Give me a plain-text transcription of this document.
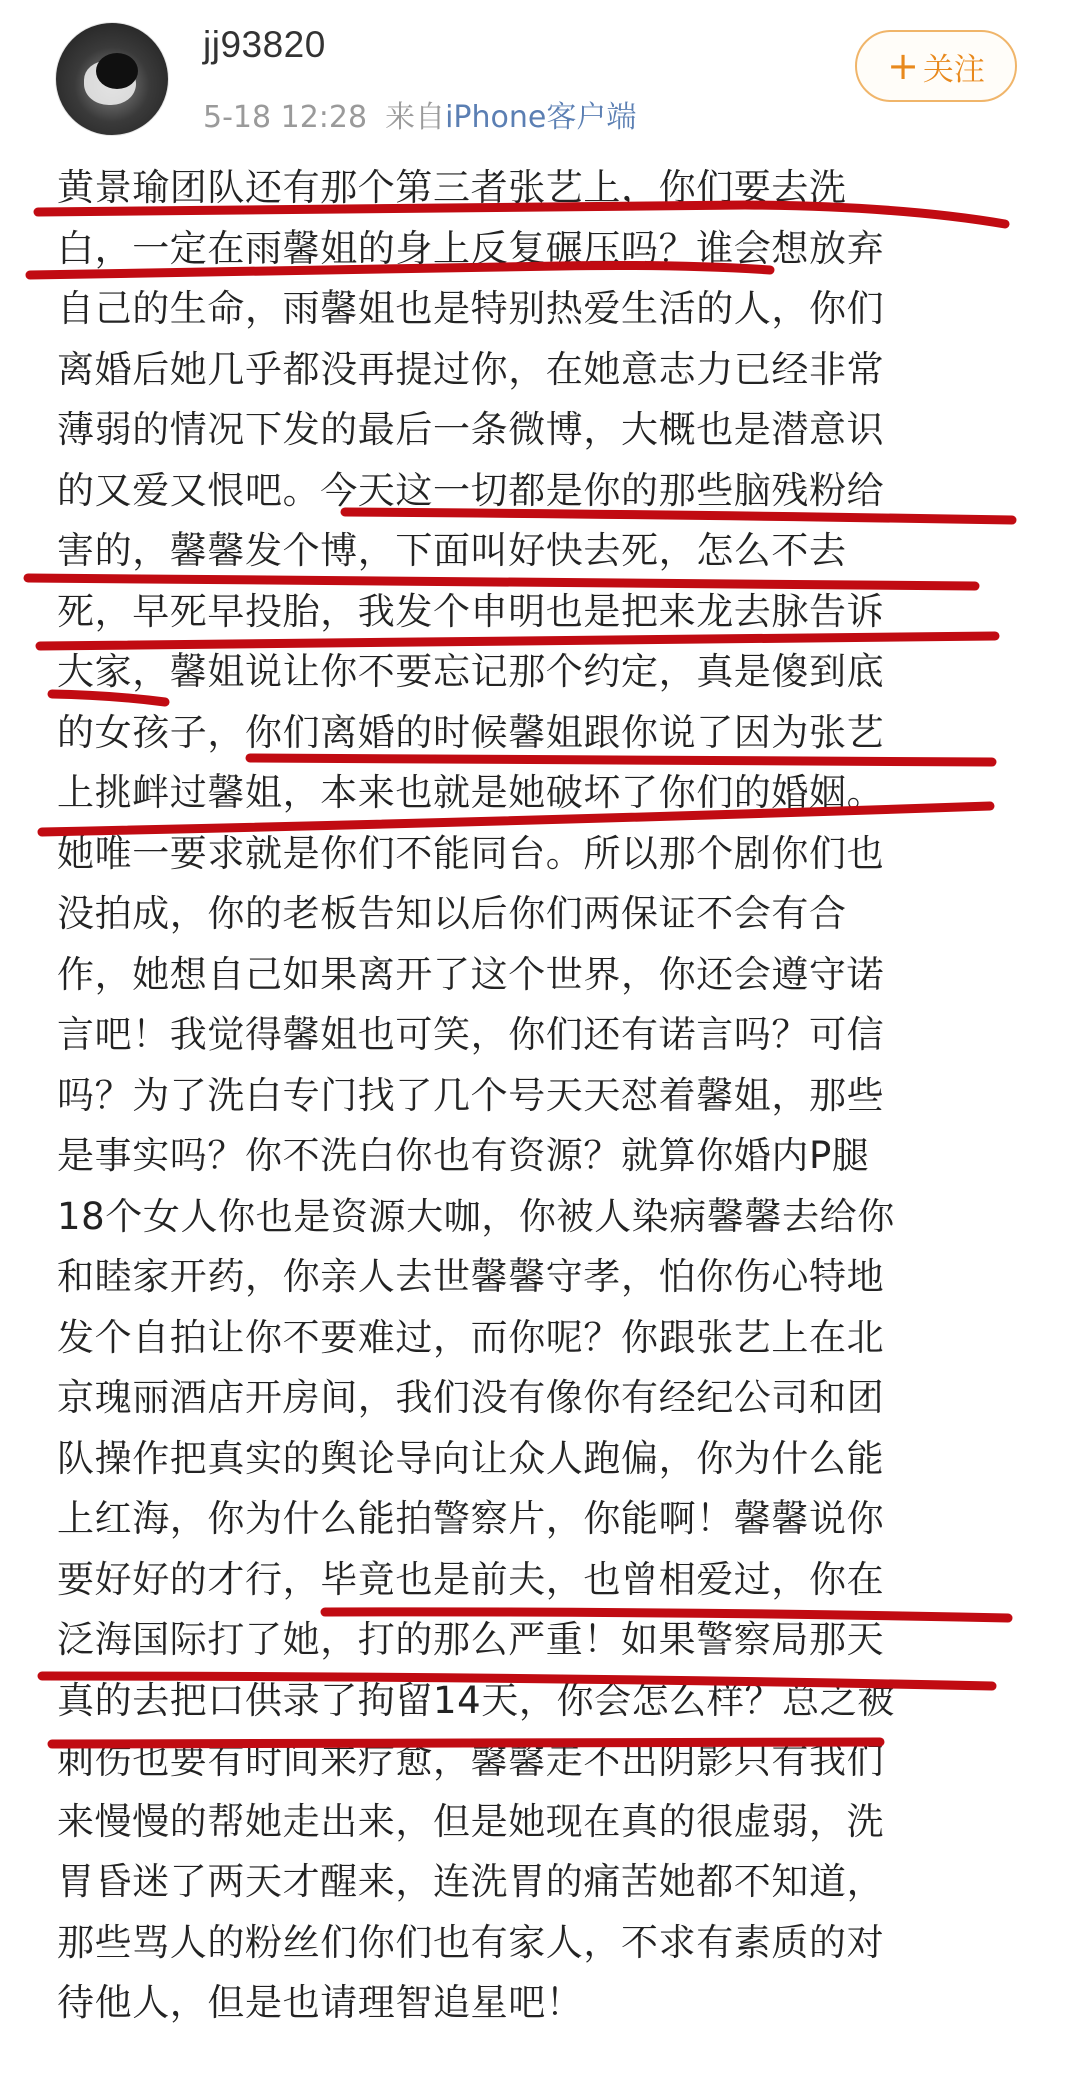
jj93820
5-18 12:28 来自iPhone客户端
+ 关注
黄景瑜团队还有那个第三者张艺上，你们要去洗
白，一定在雨馨姐的身上反复碾压吗？谁会想放弃
自己的生命，雨馨姐也是特别热爱生活的人，你们
离婚后她几乎都没再提过你，在她意志力已经非常
薄弱的情况下发的最后一条微博，大概也是潜意识
的又爱又恨吧。今天这一切都是你的那些脑残粉给
害的，馨馨发个博，下面叫好快去死，怎么不去
死，早死早投胎，我发个申明也是把来龙去脉告诉
大家，馨姐说让你不要忘记那个约定，真是傻到底
的女孩子，你们离婚的时候馨姐跟你说了因为张艺
上挑衅过馨姐，本来也就是她破坏了你们的婚姻。
她唯一要求就是你们不能同台。所以那个剧你们也
没拍成，你的老板告知以后你们两保证不会有合
作，她想自己如果离开了这个世界，你还会遵守诺
言吧！我觉得馨姐也可笑，你们还有诺言吗？可信
吗？为了洗白专门找了几个号天天怼着馨姐，那些
是事实吗？你不洗白你也有资源？就算你婚内P腿
18个女人你也是资源大咖，你被人染病馨馨去给你
和睦家开药，你亲人去世馨馨守孝，怕你伤心特地
发个自拍让你不要难过，而你呢？你跟张艺上在北
京瑰丽酒店开房间，我们没有像你有经纪公司和团
队操作把真实的舆论导向让众人跑偏，你为什么能
上红海，你为什么能拍警察片，你能啊！馨馨说你
要好好的才行，毕竟也是前夫，也曾相爱过，你在
泛海国际打了她，打的那么严重！如果警察局那天
真的去把口供录了拘留14天，你会怎么样？总之被
刺伤也要有时间来疗愈，馨馨走不出阴影只有我们
来慢慢的帮她走出来，但是她现在真的很虚弱，洗
胃昏迷了两天才醒来，连洗胃的痛苦她都不知道，
那些骂人的粉丝们你们也有家人，不求有素质的对
待他人，但是也请理智追星吧！
